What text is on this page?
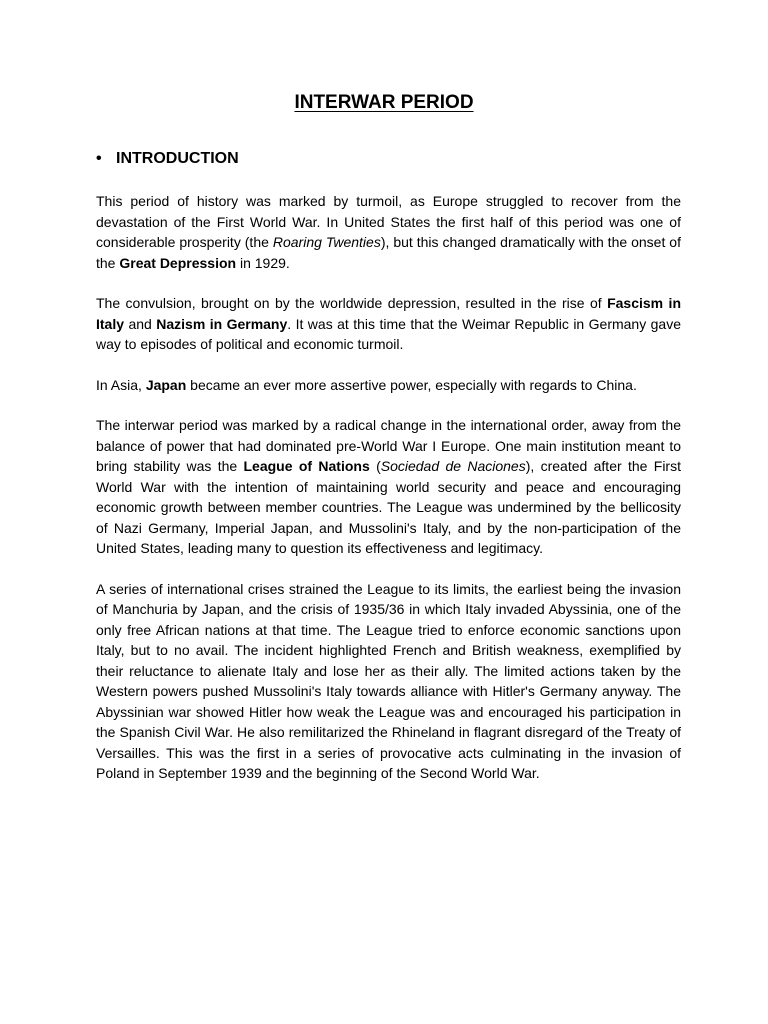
INTERWAR PERIOD
• INTRODUCTION

This period of history was marked by turmoil, as Europe struggled to recover from the devastation of the First World War. In United States the first half of this period was one of considerable prosperity (the Roaring Twenties), but this changed dramatically with the onset of the Great Depression in 1929.

The convulsion, brought on by the worldwide depression, resulted in the rise of Fascism in Italy and Nazism in Germany. It was at this time that the Weimar Republic in Germany gave way to episodes of political and economic turmoil.

In Asia, Japan became an ever more assertive power, especially with regards to China.

The interwar period was marked by a radical change in the international order, away from the balance of power that had dominated pre-World War I Europe. One main institution meant to bring stability was the League of Nations (Sociedad de Naciones), created after the First World War with the intention of maintaining world security and peace and encouraging economic growth between member countries. The League was undermined by the bellicosity of Nazi Germany, Imperial Japan, and Mussolini's Italy, and by the non-participation of the United States, leading many to question its effectiveness and legitimacy.

A series of international crises strained the League to its limits, the earliest being the invasion of Manchuria by Japan, and the crisis of 1935/36 in which Italy invaded Abyssinia, one of the only free African nations at that time. The League tried to enforce economic sanctions upon Italy, but to no avail. The incident highlighted French and British weakness, exemplified by their reluctance to alienate Italy and lose her as their ally. The limited actions taken by the Western powers pushed Mussolini's Italy towards alliance with Hitler's Germany anyway. The Abyssinian war showed Hitler how weak the League was and encouraged his participation in the Spanish Civil War. He also remilitarized the Rhineland in flagrant disregard of the Treaty of Versailles. This was the first in a series of provocative acts culminating in the invasion of Poland in September 1939 and the beginning of the Second World War.
